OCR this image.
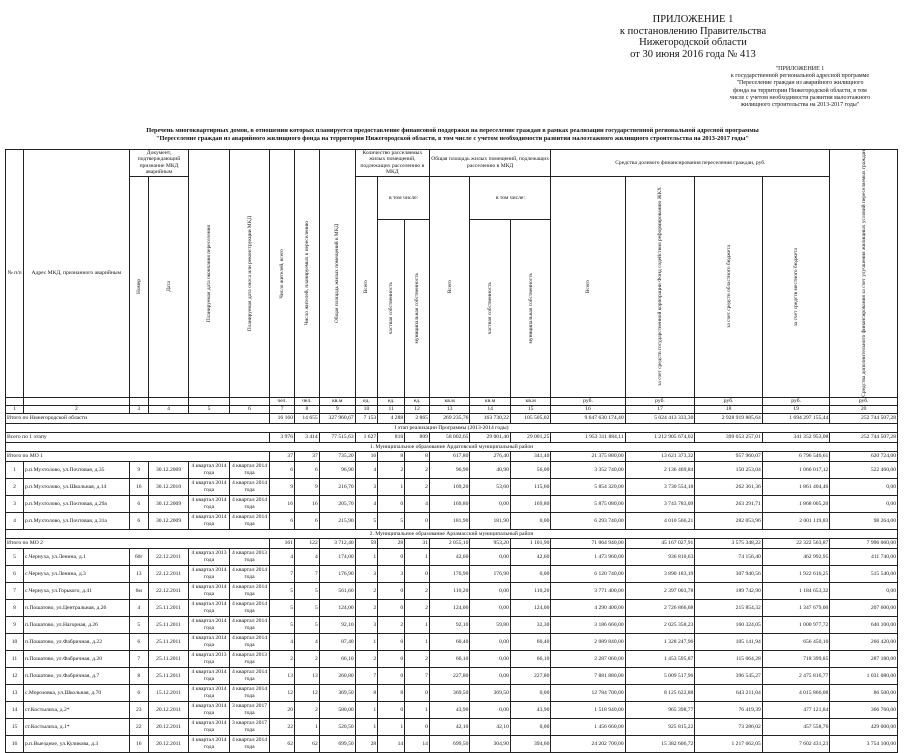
ПРИЛОЖЕНИЕ 1
к постановлению Правительства
Нижегородской области
от 30 июня 2016 года № 413
"ПРИЛОЖЕНИЕ 1
к государственной региональной адресной программе
"Переселение граждан из аварийного жилищного
фонда на территории Нижегородской области, в том
числе с учетом необходимости развития малоэтажного
жилищного строительства на 2013-2017 годы"
Перечень многоквартирных домов, в отношении которых планируется предоставление финансовой поддержки на переселение граждан в рамках реализации государственной региональной адресной программы
"Переселение граждан из аварийного жилищного фонда на территории Нижегородской области, в том числе с учетом необходимости развития малоэтажного жилищного строительства на 2013-2017 годы"
№ п/п	Адрес МКД, признанного аварийным	Документ, подтверждающий признание МКД аварийным		Планируемая дата окончания переселения	Планируемая дата сноса или реконструкции МКД	Число жителей, всего	Число жителей, планируемых к переселению	Общая площадь жилых помещений в МКД	Количество расселяемых жилых помещений, подлежащих расселению в МКД			Общая площадь жилых помещений, подлежащих расселению в МКД			Средства долевого финансирования переселения граждан, руб.				Средства дополнительного финансирования за счет улучшения жилищных условий переселяемых граждан

		Номер	Дата						Всего	в том числе:		Всего	в том числе:		Всего	за счет средств государственной корпорации Фонд содействия реформированию ЖКХ	за счет средств областного бюджета	за счет средств местного бюджета	

										частная собственность	муниципальная собственность		частная собственность	муниципальная собственность					

						чел.	чел.	кв.м	ед.	ед.	ед.	кв.м	кв.м	кв.м	руб.	руб.	руб.	руб.	руб.
1	2	3	4	5	6	7	8	9	10	11	12	13	14	15	16	17	18	19	20
Итого по Нижегородской области						16 160	14 655	327 960,67	7 153	4 288	2 865	269 235,76	163 730,22	105 505,02	9 647 630 174,40	5 024 413 333,30	2 928 919 885,64	1 694 297 155,44	252 744 507,28
I этап реализации Программы (2013-2014 годы)																			
Всего по 1 этапу						3 976	3 414	77 515,63	1 627	818	809	58 002,65	29 001,40	29 001,25	1 953 311 884,11	1 212 905 674,02	399 053 257,01	341 352 953,08	252 744 507,28
1. Муниципальное образование Ардатовский муниципальный район																			
Итого по МО 1						37	37	735,20	16	8	8	617,80	276,40	341,40	21 375 880,00	13 621 373,32	957 960,07	6 796 546,61	620 724,00
1	р.п.Мухтолово, ул.Почтовая, д.35	9	30.12.2009	4 квартал 2014 года	4 квартал 2014 года	6	6	96,90	4	2	2	96,90	40,90	56,00	3 352 740,00	2 136 469,84	150 253,04	1 066 017,12	522 460,00
2	р.п.Мухтолово, ул.Школьная, д.14	16	30.12.2010	4 квартал 2014 года	4 квартал 2014 года	9	9	216,70	3	1	2	169,20	53,60	115,60	5 854 320,00	3 730 554,18	262 361,36	1 861 404,46	0,00
3	р.п.Мухтолово, ул.Почтовая, д.29а	6	30.12.2009	4 квартал 2014 года	4 квартал 2014 года	16	16	205,70	4	0	4	169,80	0,00	169,80	5 875 080,00	3 743 783,09	263 291,71	1 868 005,20	0,00
4	р.п.Мухтолово, ул.Почтовая, д.31а	6	30.12.2009	4 квартал 2014 года	4 квартал 2014 года	6	6	215,90	5	5	0	181,90	181,90	0,00	6 293 740,00	4 010 566,21	282 053,96	2 001 119,83	98 264,00
2. Муниципальное образование Арзамасский муниципальный район																			
Итого по МО 2						161	122	3 712,40	59	28	31	2 055,10	953,20	1 101,90	71 064 940,00	45 167 027,91	3 575 348,22	22 322 563,87	7 996 060,00
5	с.Чернуха, ул.Ленина, д.1	60г	22.12.2011	4 квартал 2013 года	4 квартал 2013 года	4	4	174,00	1	0	1	42,60	0,00	42,60	1 473 960,00	936 810,63	74 156,40	462 992,95	411 740,00
6	с.Чернуха, ул.Ленина, д.3	13	22.12.2011	4 квартал 2014 года	4 квартал 2014 года	7	7	176,90	3	3	0	176,90	176,90	0,00	6 120 740,00	3 890 183,19	307 940,56	1 922 616,25	515 540,00
7	с.Чернуха, ул.Горького, д.41	6м	22.12.2011	4 квартал 2014 года	4 квартал 2014 года	5	5	561,60	2	0	2	110,20	0,00	110,20	3 771 400,00	2 397 003,78	189 742,90	1 184 653,32	0,00
8	п.Пошатово, ул.Центральная, д.26	4	25.11.2011	4 квартал 2014 года	4 квартал 2014 года	5	5	124,00	2	0	2	124,00	0,00	124,00	4 290 400,00	2 726 866,68	215 854,32	1 347 679,00	207 600,00
9	п.Пошатово, ул.Нагорная, д.26	5	25.11.2011	4 квартал 2014 года	4 квартал 2014 года	5	5	92,10	3	2	1	92,10	59,80	32,30	3 186 660,00	2 025 358,23	160 324,05	1 000 977,72	640 100,00
10	п.Пошатово, ул.Фабричная, д.22	6	25.11.2011	4 квартал 2014 года	4 квартал 2014 года	4	4	87,40	1	0	1	60,40	0,00	60,40	2 089 840,00	1 328 247,96	105 141,94	656 450,10	266 420,00
11	п.Пошатово, ул.Фабричная, д.20	7	25.11.2011	4 квартал 2013 года	4 квартал 2013 года	2	2	66,10	2	0	2	66,10	0,00	66,10	2 287 060,00	1 453 595,87	115 064,28	718 399,85	287 180,00
12	п.Пошатово, ул.Фабричная, д.7	8	25.11.2011	4 квартал 2014 года	4 квартал 2014 года	13	13	260,80	7	0	7	227,80	0,00	227,80	7 881 880,00	5 009 517,96	396 545,27	2 475 816,77	1 031 080,00
13	с.Морозовка, ул.Школьная, д.70	6	15.12.2011	4 квартал 2014 года	4 квартал 2014 года	12	12	369,50	8	8	0	369,50	369,50	0,00	12 784 700,00	8 125 622,88	643 211,04	4 015 866,08	86 500,00
14	ст.Костылиха, д.2*	23	20.12.2011	4 квартал 2014 года	3 квартал 2017 года	20	2	580,00	1	0	1	43,90	0,00	43,90	1 518 940,00	965 398,77	76 419,39	477 121,84	366 760,00
15	ст.Костылиха, д.1*	22	20.12.2011	4 квартал 2014 года	3 квартал 2017 года	22	1	520,50	1	1	0	42,10	42,10	0,00	1 456 660,00	925 815,22	73 286,02	457 558,76	429 000,00
16	р.п.Выездное, ул.Куликова, д.3	16	20.12.2011	4 квартал 2014 года	4 квартал 2014 года	62	62	699,50	28	14	14	699,50	304,90	394,60	24 202 700,00	15 382 606,72	1 217 662,05	7 602 431,23	3 754 100,00
